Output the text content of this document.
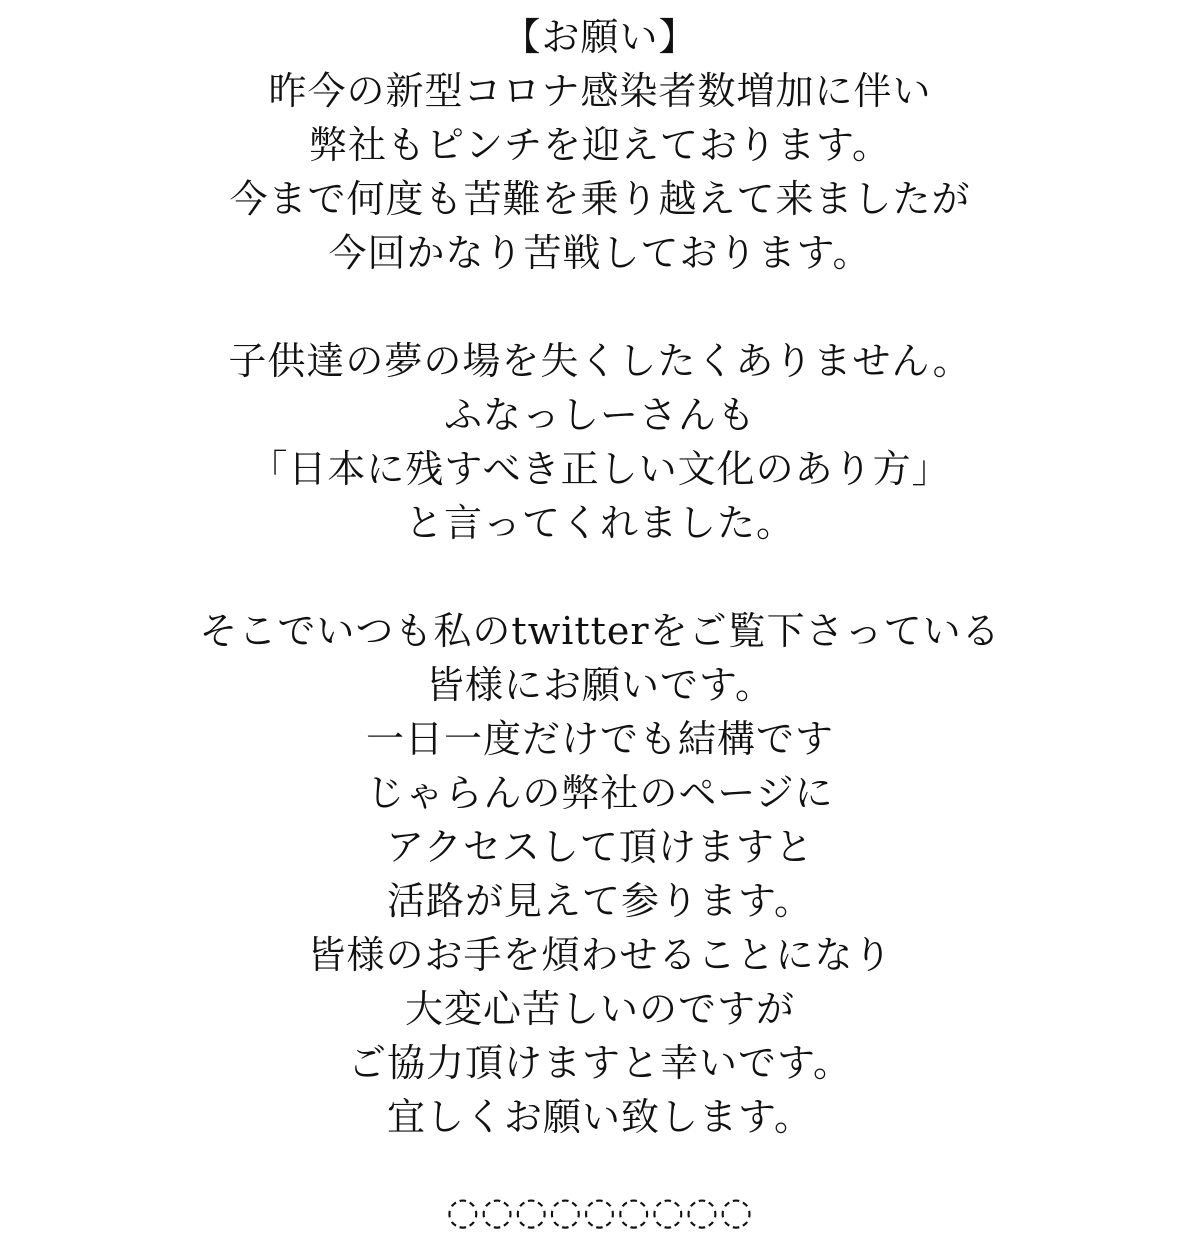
【お願い】
昨今の新型コロナ感染者数増加に伴い
弊社もピンチを迎えております。
今まで何度も苦難を乗り越えて来ましたが
今回かなり苦戦しております。
子供達の夢の場を失くしたくありません。
ふなっしーさんも
「日本に残すべき正しい文化のあり方」
と言ってくれました。
そこでいつも私のtwitterをご覧下さっている
皆様にお願いです。
一日一度だけでも結構です
じゃらんの弊社のページに
アクセスして頂けますと
活路が見えて参ります。
皆様のお手を煩わせることになり
大変心苦しいのですが
ご協力頂けますと幸いです。
宜しくお願い致します。
◌◌◌◌◌◌◌◌◌
